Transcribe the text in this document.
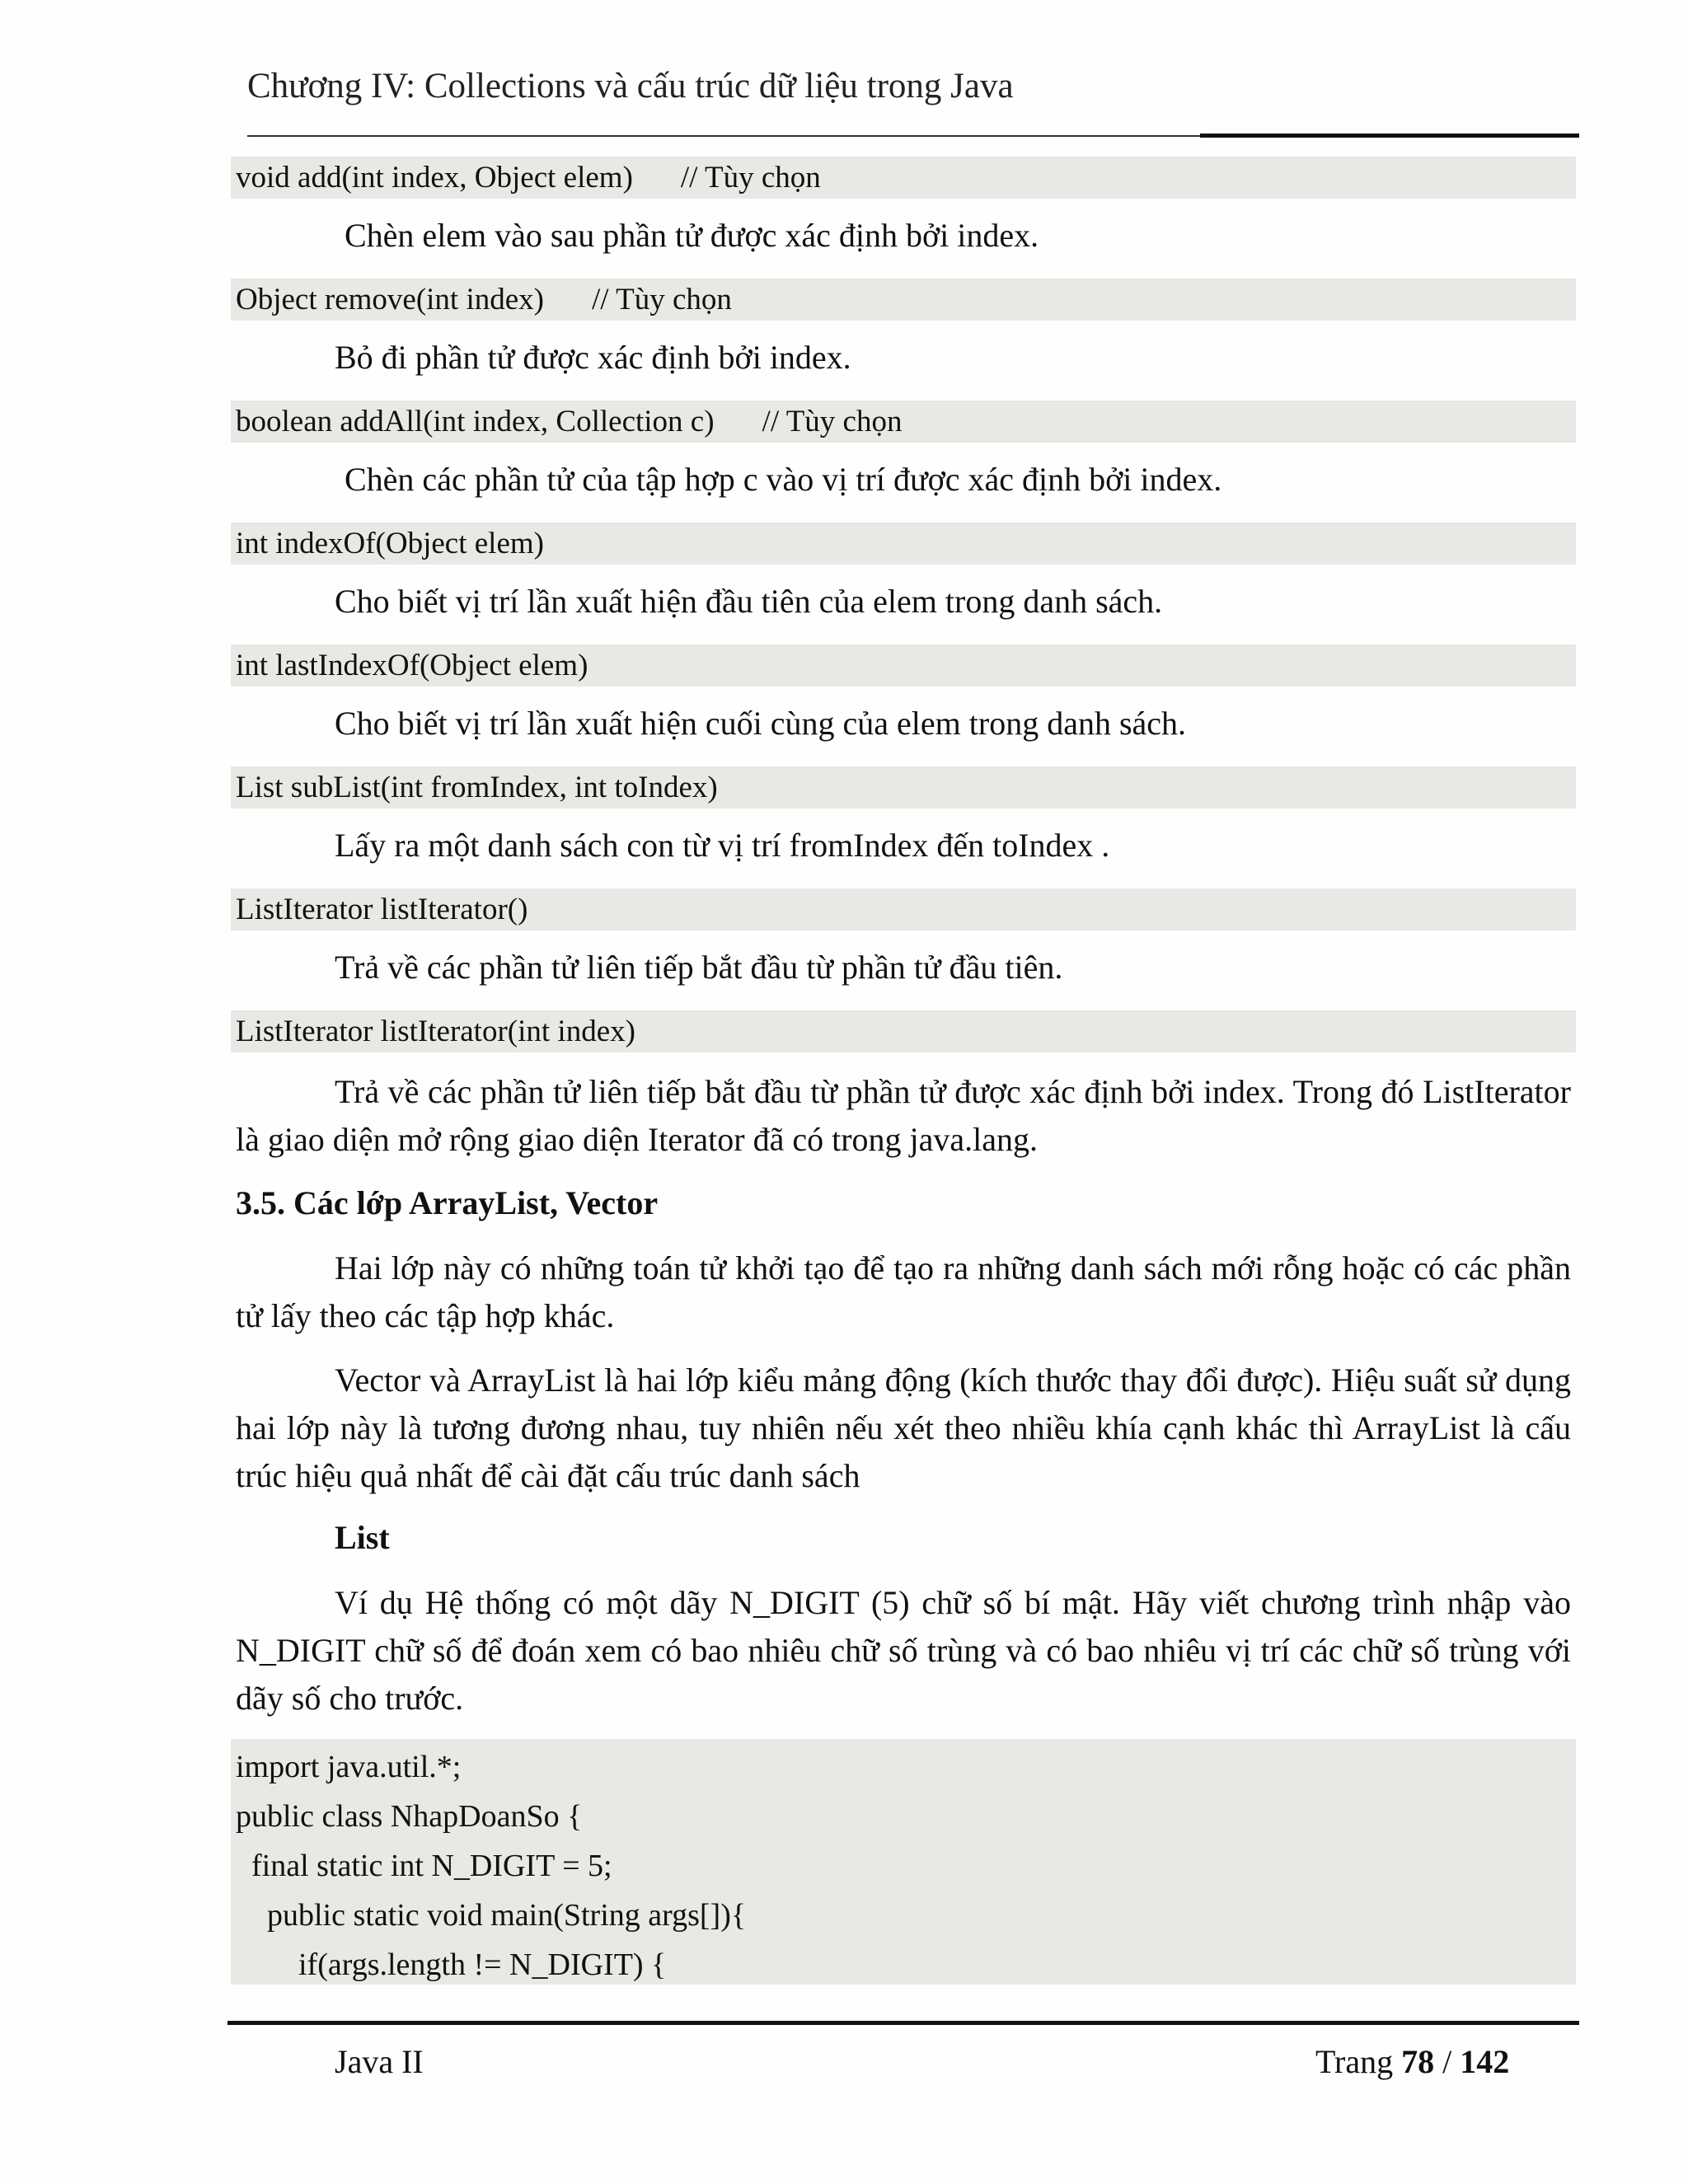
Chương IV: Collections và cấu trúc dữ liệu trong Java
void add(int index, Object elem) // Tùy chọn
Chèn elem vào sau phần tử được xác định bởi index.
Object remove(int index) // Tùy chọn
Bỏ đi phần tử được xác định bởi index.
boolean addAll(int index, Collection c) // Tùy chọn
Chèn các phần tử của tập hợp c vào vị trí được xác định bởi index.
int indexOf(Object elem)
Cho biết vị trí lần xuất hiện đầu tiên của elem trong danh sách.
int lastIndexOf(Object elem)
Cho biết vị trí lần xuất hiện cuối cùng của elem trong danh sách.
List subList(int fromIndex, int toIndex)
Lấy ra một danh sách con từ vị trí fromIndex đến toIndex .
ListIterator listIterator()
Trả về các phần tử liên tiếp bắt đầu từ phần tử đầu tiên.
ListIterator listIterator(int index)

Trả về các phần tử liên tiếp bắt đầu từ phần tử được xác định bởi index. Trong đó ListIterator là giao diện mở rộng giao diện Iterator đã có trong java.lang.

3.5. Các lớp ArrayList, Vector

Hai lớp này có những toán tử khởi tạo để tạo ra những danh sách mới rỗng hoặc có các phần tử lấy theo các tập hợp khác.

Vector và ArrayList là hai lớp kiểu mảng động (kích thước thay đổi được). Hiệu suất sử dụng hai lớp này là tương đương nhau, tuy nhiên nếu xét theo nhiều khía cạnh khác thì ArrayList là cấu trúc hiệu quả nhất để cài đặt cấu trúc danh sách

List

Ví dụ Hệ thống có một dãy N_DIGIT (5) chữ số bí mật. Hãy viết chương trình nhập vào N_DIGIT chữ số để đoán xem có bao nhiêu chữ số trùng và có bao nhiêu vị trí các chữ số trùng với dãy số cho trước.

import java.util.*;
public class NhapDoanSo {
final static int N_DIGIT = 5;
public static void main(String args[]){
if(args.length != N_DIGIT) {
Java II	Trang 78 / 142
